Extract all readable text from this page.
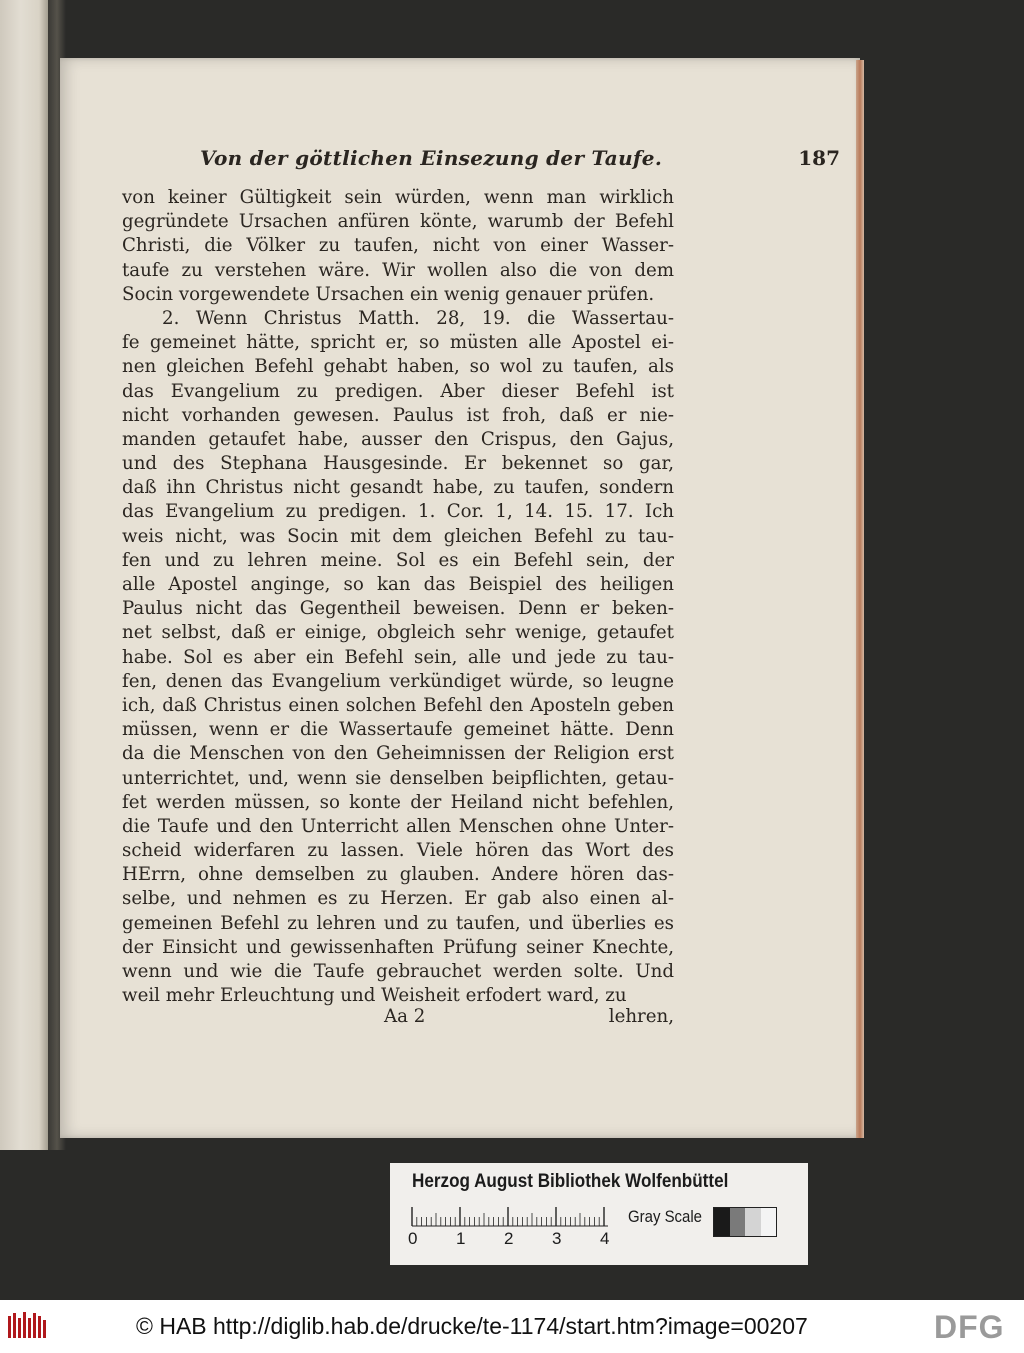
Von der göttlichen Einsezung der Taufe.	187
von keiner Gültigkeit sein würden, wenn man wirklich
gegründete Ursachen anfüren könte, warumb der Befehl
Christi, die Völker zu taufen, nicht von einer Wasser-
taufe zu verstehen wäre. Wir wollen also die von dem
Socin vorgewendete Ursachen ein wenig genauer prüfen.
2. Wenn Christus Matth. 28, 19. die Wassertau-
fe gemeinet hätte, spricht er, so müsten alle Apostel ei-
nen gleichen Befehl gehabt haben, so wol zu taufen, als
das Evangelium zu predigen. Aber dieser Befehl ist
nicht vorhanden gewesen. Paulus ist froh, daß er nie-
manden getaufet habe, ausser den Crispus, den Gajus,
und des Stephana Hausgesinde. Er bekennet so gar,
daß ihn Christus nicht gesandt habe, zu taufen, sondern
das Evangelium zu predigen. 1. Cor. 1, 14. 15. 17. Ich
weis nicht, was Socin mit dem gleichen Befehl zu tau-
fen und zu lehren meine. Sol es ein Befehl sein, der
alle Apostel anginge, so kan das Beispiel des heiligen
Paulus nicht das Gegentheil beweisen. Denn er beken-
net selbst, daß er einige, obgleich sehr wenige, getaufet
habe. Sol es aber ein Befehl sein, alle und jede zu tau-
fen, denen das Evangelium verkündiget würde, so leugne
ich, daß Christus einen solchen Befehl den Aposteln geben
müssen, wenn er die Wassertaufe gemeinet hätte. Denn
da die Menschen von den Geheimnissen der Religion erst
unterrichtet, und, wenn sie denselben beipflichten, getau-
fet werden müssen, so konte der Heiland nicht befehlen,
die Taufe und den Unterricht allen Menschen ohne Unter-
scheid widerfaren zu lassen. Viele hören das Wort des
HErrn, ohne demselben zu glauben. Andere hören das-
selbe, und nehmen es zu Herzen. Er gab also einen al-
gemeinen Befehl zu lehren und zu taufen, und überlies es
der Einsicht und gewissenhaften Prüfung seiner Knechte,
wenn und wie die Taufe gebrauchet werden solte. Und
weil mehr Erleuchtung und Weisheit erfodert ward, zu
Aa 2	lehren,
Herzog August Bibliothek Wolfenbüttel
0 1 2 3 4
Gray Scale
© HAB http://diglib.hab.de/drucke/te-1174/start.htm?image=00207	DFG
